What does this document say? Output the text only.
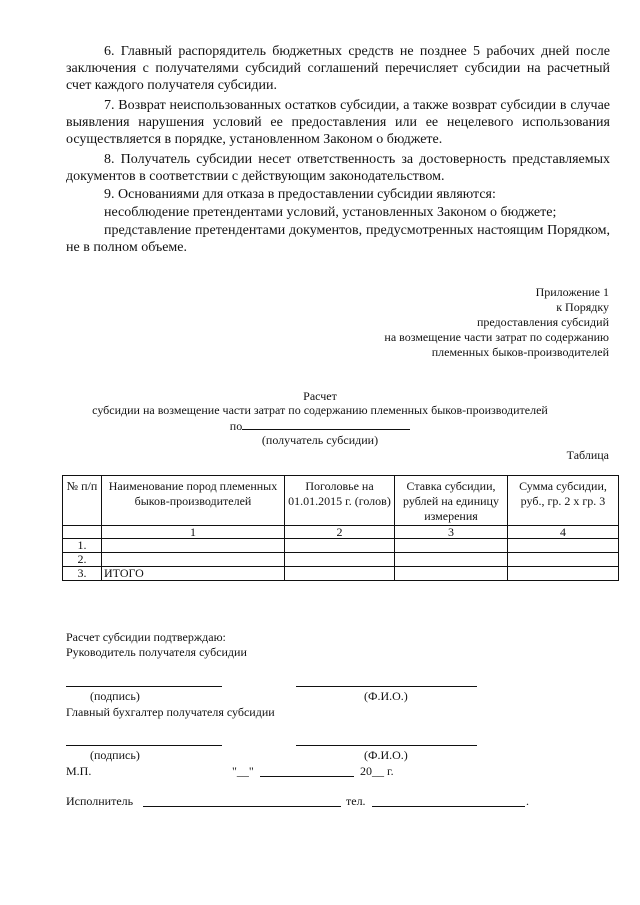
6. Главный распорядитель бюджетных средств не позднее 5 рабочих дней после заключения с получателями субсидий соглашений перечисляет субсидии на расчетный счет каждого получателя субсидии.

7. Возврат неиспользованных остатков субсидии, а также возврат субсидии в случае выявления нарушения условий ее предоставления или ее нецелевого использования осуществляется в порядке, установленном Законом о бюджете.

8. Получатель субсидии несет ответственность за достоверность представляемых документов в соответствии с действующим законодательством.

9. Основаниями для отказа в предоставлении субсидии являются:

несоблюдение претендентами условий, установленных Законом о бюджете;

представление претендентами документов, предусмотренных настоящим Порядком, не в полном объеме.

Приложение 1
к Порядку
предоставления субсидий
на возмещение части затрат по содержанию
племенных быков-производителей
Расчет
субсидии на возмещение части затрат по содержанию племенных быков-производителей
по
(получатель субсидии)
Таблица
№ п/п	Наименование пород племенных быков-производителей	Поголовье на 01.01.2015 г. (голов)	Ставка субсидии, рублей на единицу измерения	Сумма субсидии, руб., гр. 2 х гр. 3
	1	2	3	4
1.				
2.				
3.	ИТОГО			
Расчет субсидии подтверждаю:
Руководитель получателя субсидии
(подпись)	(Ф.И.О.)
Главный бухгалтер получателя субсидии
(подпись)	(Ф.И.О.)
М.П.	"__"	20__ г.
Исполнитель	тел.	.
